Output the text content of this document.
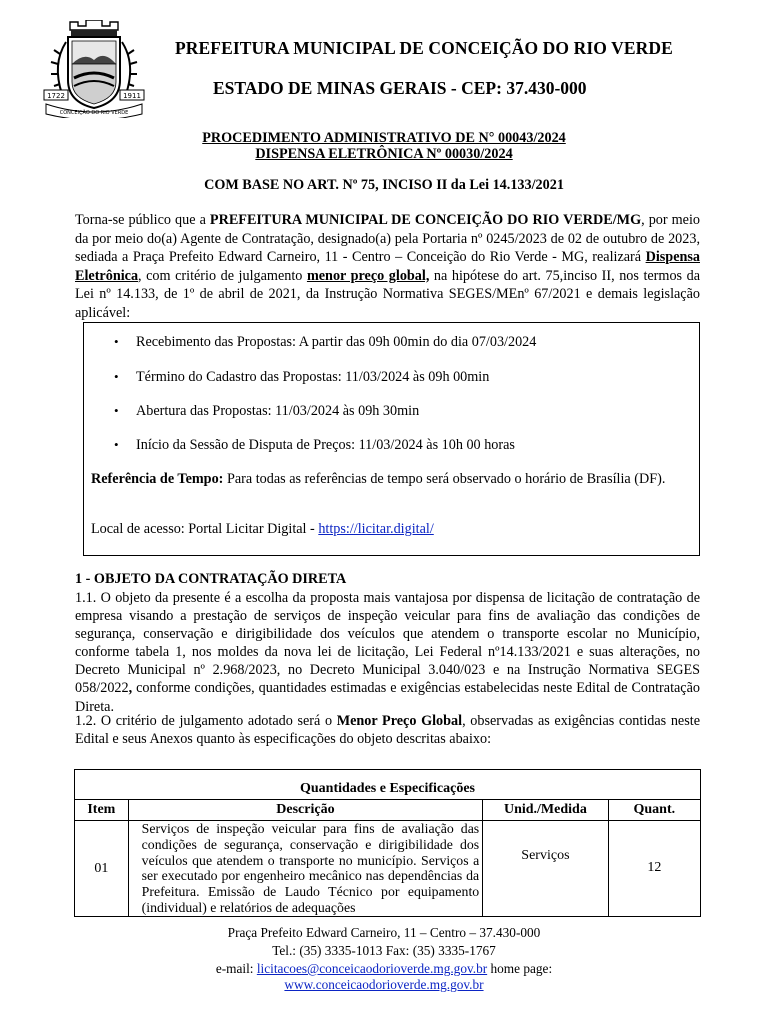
1722	1911
CONCEIÇÃO DO RIO VERDE
PREFEITURA MUNICIPAL DE CONCEIÇÃO DO RIO VERDE
ESTADO DE MINAS GERAIS - CEP: 37.430-000
PROCEDIMENTO ADMINISTRATIVO DE N° 00043/2024
DISPENSA ELETRÔNICA Nº 00030/2024
COM BASE NO ART. Nº 75, INCISO II da Lei 14.133/2021
Torna-se público que a PREFEITURA MUNICIPAL DE CONCEIÇÃO DO RIO VERDE/MG, por meio da por meio do(a) Agente de Contratação, designado(a) pela Portaria nº 0245/2023 de 02 de outubro de 2023, sediada a Praça Prefeito Edward Carneiro, 11 - Centro – Conceição do Rio Verde - MG, realizará Dispensa Eletrônica, com critério de julgamento menor preço global, na hipótese do art. 75,inciso II, nos termos da Lei nº 14.133, de 1º de abril de 2021, da Instrução Normativa SEGES/MEnº 67/2021 e demais legislação aplicável:
• Recebimento das Propostas: A partir das 09h 00min do dia 07/03/2024
• Término do Cadastro das Propostas: 11/03/2024 às 09h 00min
• Abertura das Propostas: 11/03/2024 às 09h 30min
• Início da Sessão de Disputa de Preços: 11/03/2024 às 10h 00 horas
Referência de Tempo: Para todas as referências de tempo será observado o horário de Brasília (DF).
Local de acesso: Portal Licitar Digital - https://licitar.digital/
1 - OBJETO DA CONTRATAÇÃO DIRETA
1.1. O objeto da presente é a escolha da proposta mais vantajosa por dispensa de licitação de contratação de empresa visando a prestação de serviços de inspeção veicular para fins de avaliação das condições de segurança, conservação e dirigibilidade dos veículos que atendem o transporte escolar no Município, conforme tabela 1, nos moldes da nova lei de licitação, Lei Federal nº14.133/2021 e suas alterações, no Decreto Municipal nº 2.968/2023, no Decreto Municipal 3.040/023 e na Instrução Normativa SEGES 058/2022, conforme condições, quantidades estimadas e exigências estabelecidas neste Edital de Contratação Direta.
1.2. O critério de julgamento adotado será o Menor Preço Global, observadas as exigências contidas neste Edital e seus Anexos quanto às especificações do objeto descritas abaixo:
Quantidades e Especificações			
Item	Descrição	Unid./Medida	Quant.
01	Serviços de inspeção veicular para fins de avaliação das condições de segurança, conservação e dirigibilidade dos veículos que atendem o transporte no município. Serviços a ser executado por engenheiro mecânico nas dependências da Prefeitura. Emissão de Laudo Técnico por equipamento (individual) e relatórios de adequações	Serviços	12
Praça Prefeito Edward Carneiro, 11 – Centro – 37.430-000
Tel.: (35) 3335-1013 Fax: (35) 3335-1767
e-mail: licitacoes@conceicaodorioverde.mg.gov.br home page:
www.conceicaodorioverde.mg.gov.br
